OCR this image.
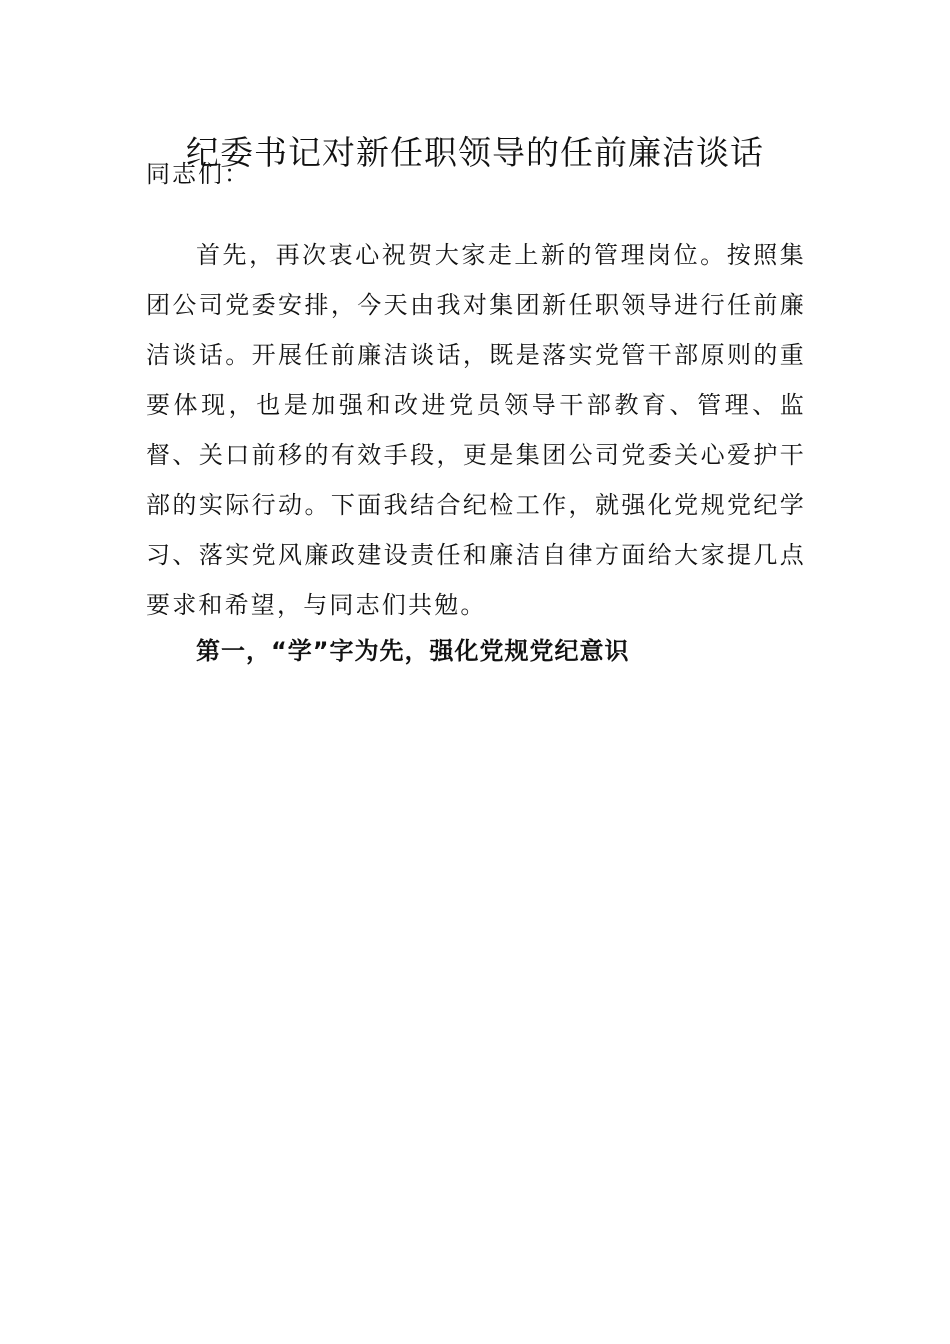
纪委书记对新任职领导的任前廉洁谈话

同志们：

首先，再次衷心祝贺大家走上新的管理岗位。按照集团公司党委安排，今天由我对集团新任职领导进行任前廉洁谈话。开展任前廉洁谈话，既是落实党管干部原则的重要体现，也是加强和改进党员领导干部教育、管理、监督、关口前移的有效手段，更是集团公司党委关心爱护干部的实际行动。下面我结合纪检工作，就强化党规党纪学习、落实党风廉政建设责任和廉洁自律方面给大家提几点要求和希望，与同志们共勉。

第一，“学”字为先，强化党规党纪意识
